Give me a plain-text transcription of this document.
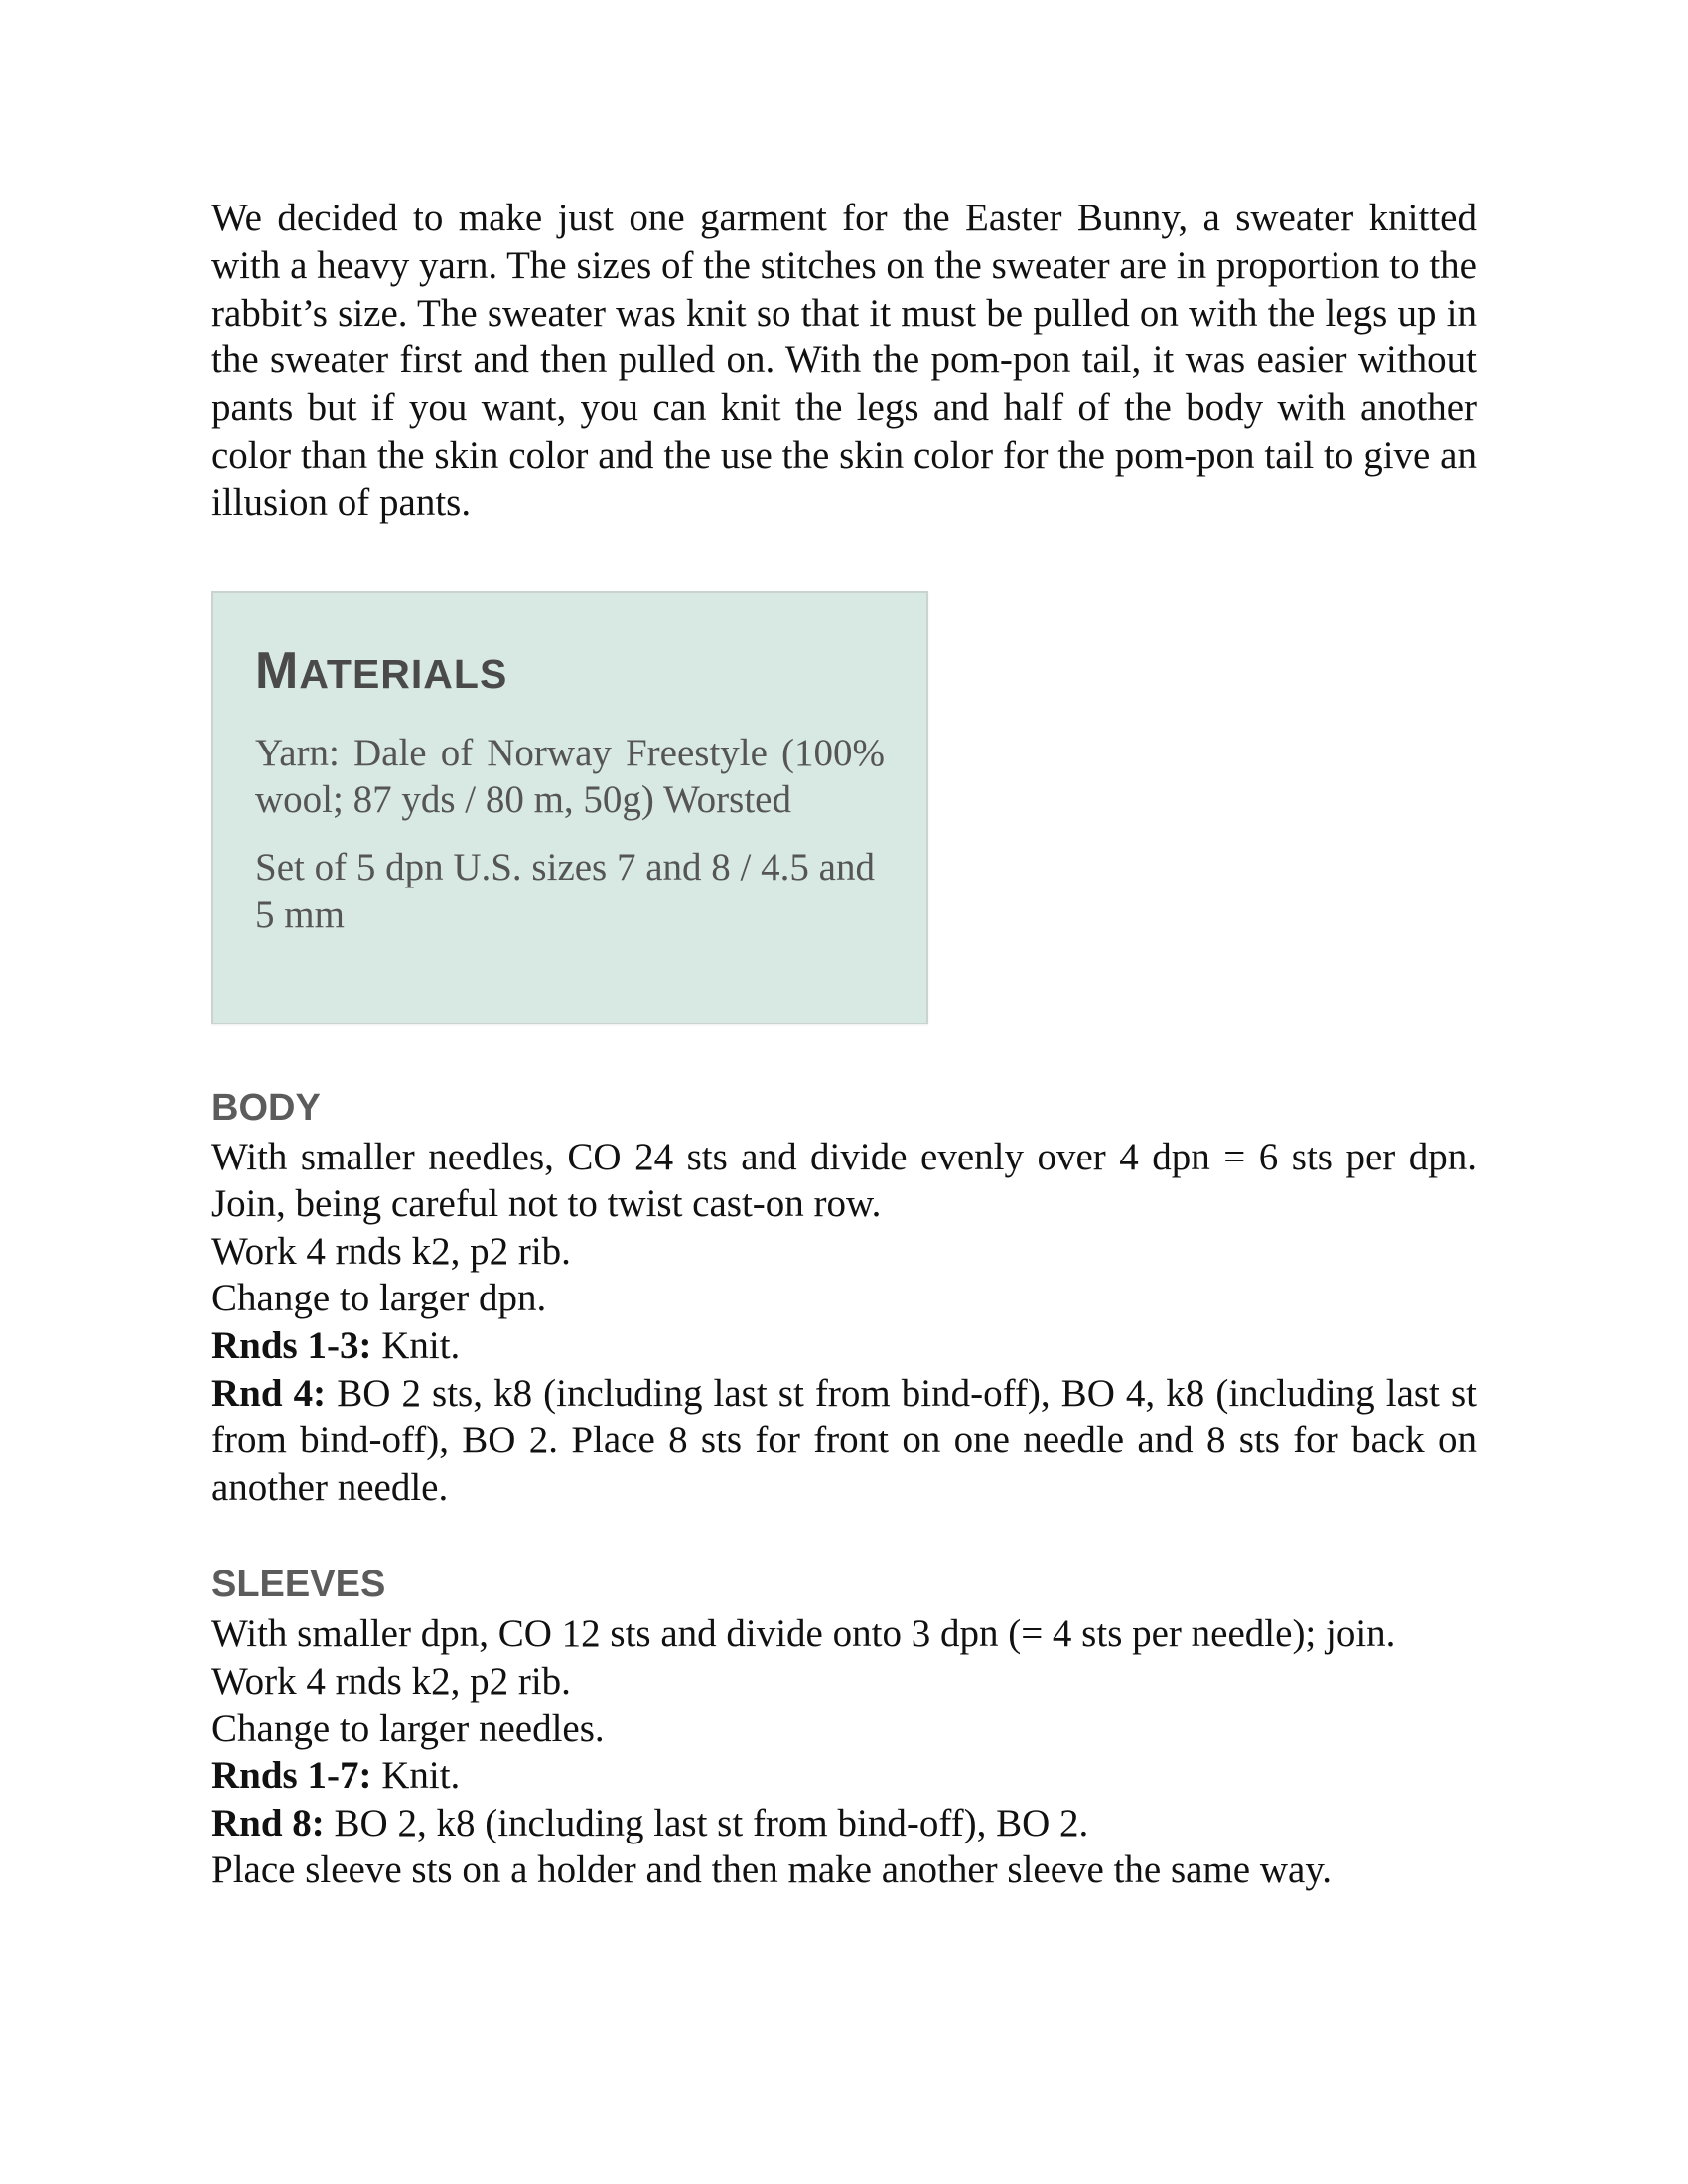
We decided to make just one garment for the Easter Bunny, a sweater knitted with a heavy yarn. The sizes of the stitches on the sweater are in proportion to the rabbit’s size. The sweater was knit so that it must be pulled on with the legs up in the sweater first and then pulled on. With the pom-pon tail, it was easier without pants but if you want, you can knit the legs and half of the body with another color than the skin color and the use the skin color for the pom-pon tail to give an illusion of pants.

MATERIALS

Yarn: Dale of Norway Freestyle (100% wool; 87 yds / 80 m, 50g) Worsted

Set of 5 dpn U.S. sizes 7 and 8 / 4.5 and 5 mm

BODY

With smaller needles, CO 24 sts and divide evenly over 4 dpn = 6 sts per dpn. Join, being careful not to twist cast-on row.

Work 4 rnds k2, p2 rib.

Change to larger dpn.

Rnds 1-3: Knit.

Rnd 4: BO 2 sts, k8 (including last st from bind-off), BO 4, k8 (including last st from bind-off), BO 2. Place 8 sts for front on one needle and 8 sts for back on another needle.

SLEEVES

With smaller dpn, CO 12 sts and divide onto 3 dpn (= 4 sts per needle); join.

Work 4 rnds k2, p2 rib.

Change to larger needles.

Rnds 1-7: Knit.

Rnd 8: BO 2, k8 (including last st from bind-off), BO 2.

Place sleeve sts on a holder and then make another sleeve the same way.
